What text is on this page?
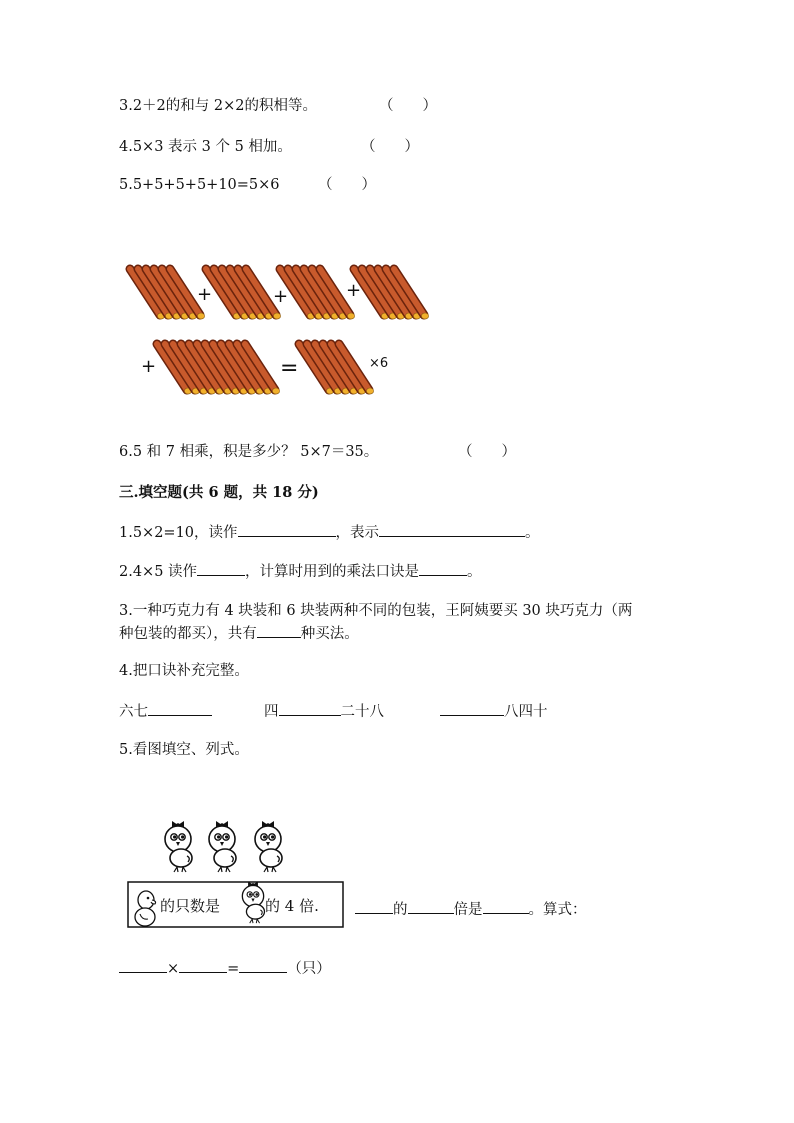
3.2＋2的和与 2×2的积相等。	（　　）
4.5×3 表示 3 个 5 相加。	（　　）
5.5+5+5+5+10=5×6	（　　）
+	+	+
+	=	×6
6.5 和 7 相乘，积是多少？ 5×7＝35。	（　　）
三.填空题(共 6 题，共 18 分)
1.5×2=10，读作	，表示	。
2.4×5 读作	，计算时用到的乘法口诀是	。
3.一种巧克力有 4 块装和 6 块装两种不同的包装，王阿姨要买 30 块巧克力（两
种包装的都买），共有	种买法。
4.把口诀补充完整。
六七	四	二十八	八四十
5.看图填空、列式。
的只数是	的 4 倍.	的	倍是	。算式：
×	=	（只）
